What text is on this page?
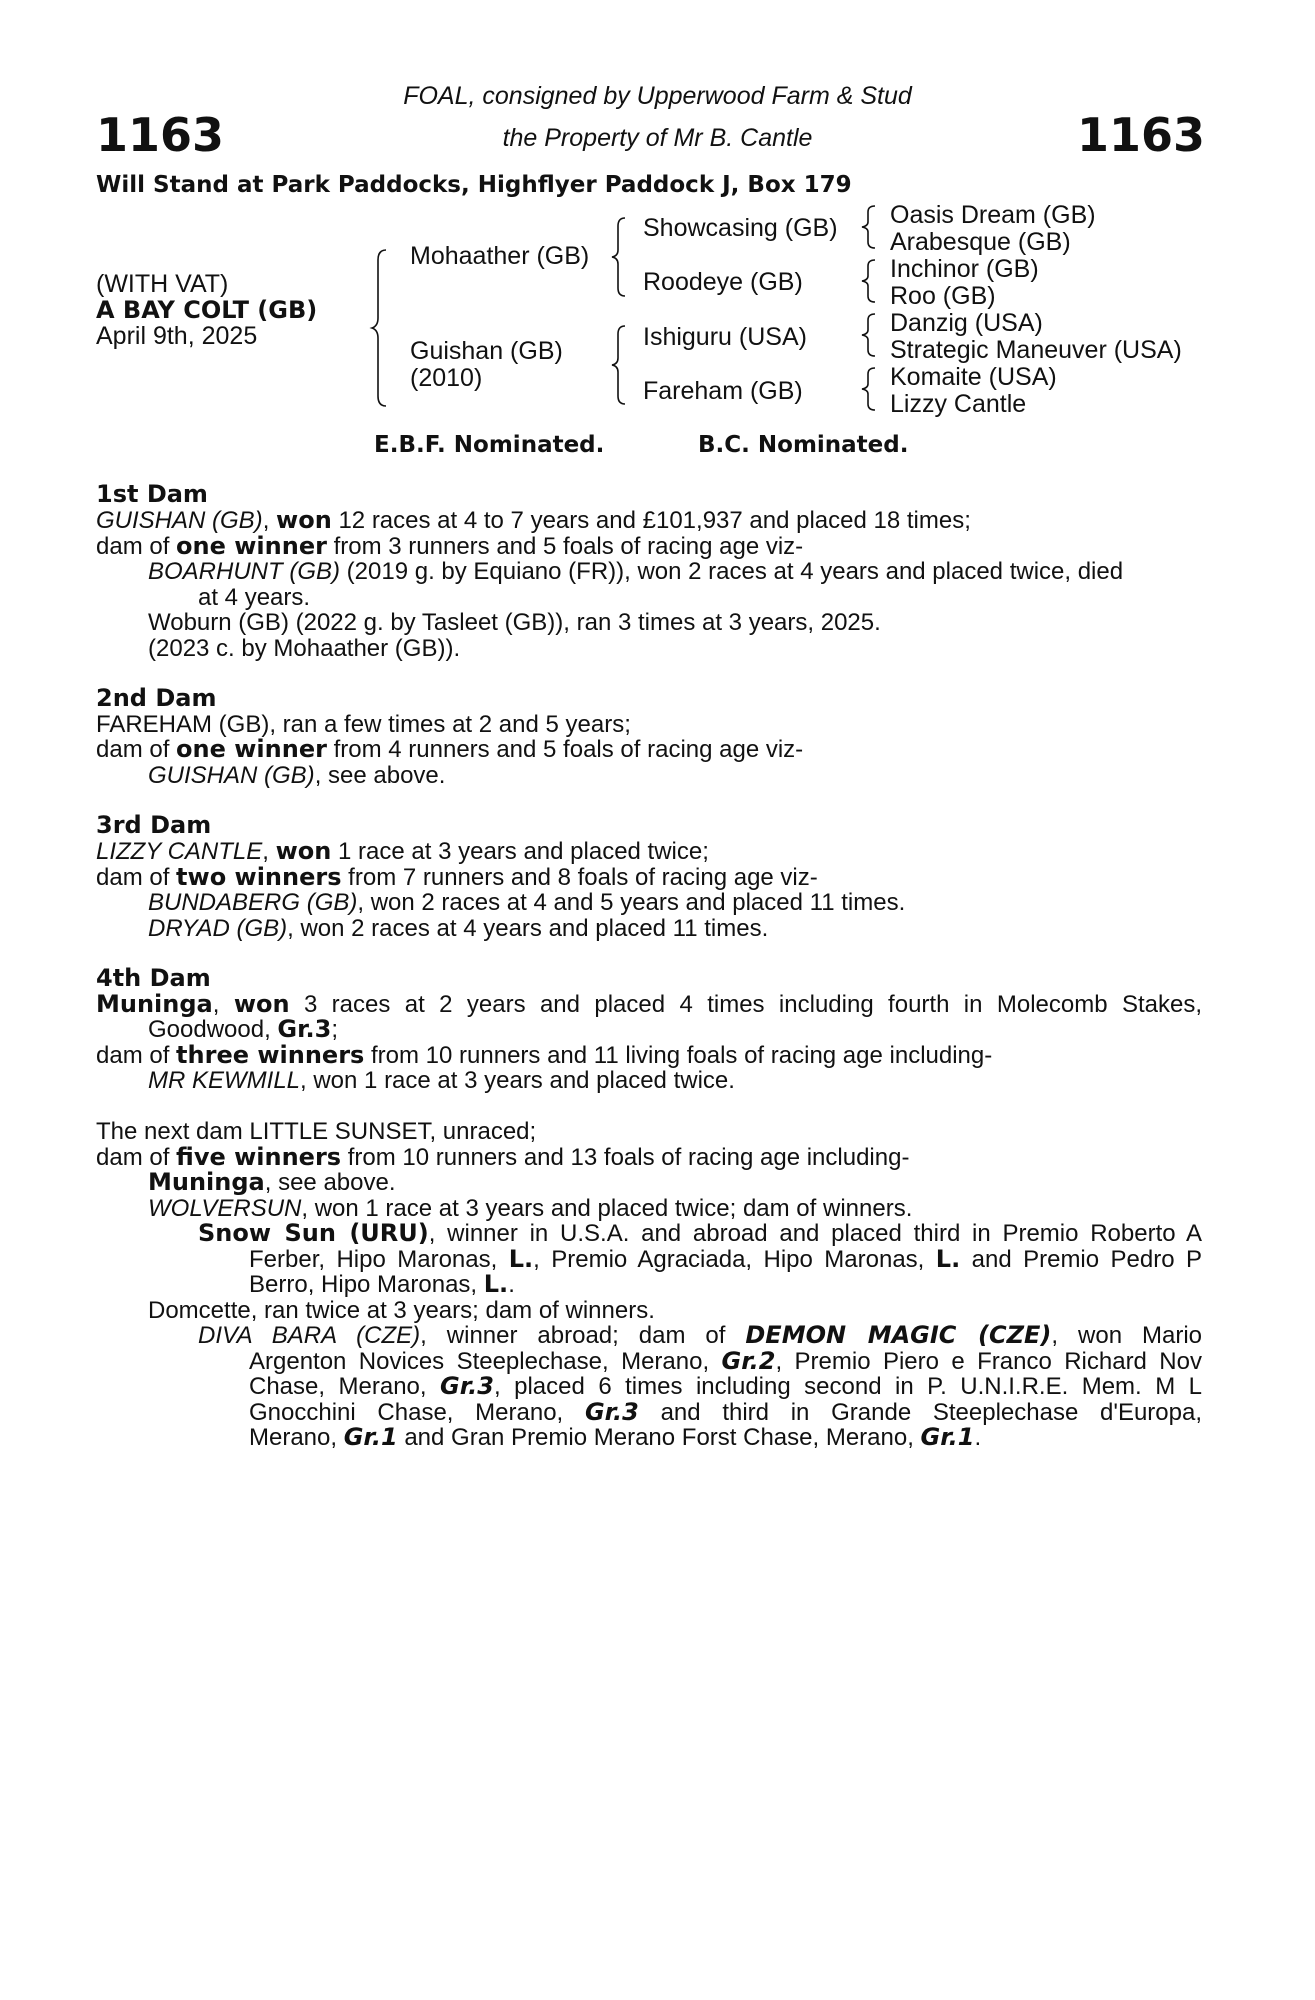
1163	1163
FOAL, consigned by Upperwood Farm & Stud
the Property of Mr B. Cantle
Will Stand at Park Paddocks, Highflyer Paddock J, Box 179
(WITH VAT)
A BAY COLT (GB)
April 9th, 2025
Mohaather (GB)
Guishan (GB)
(2010)
Showcasing (GB)
Roodeye (GB)
Ishiguru (USA)
Fareham (GB)
Oasis Dream (GB)
Arabesque (GB)
Inchinor (GB)
Roo (GB)
Danzig (USA)
Strategic Maneuver (USA)
Komaite (USA)
Lizzy Cantle
E.B.F. Nominated.	B.C. Nominated.
1st Dam
GUISHAN (GB), won 12 races at 4 to 7 years and £101,937 and placed 18 times;
dam of one winner from 3 runners and 5 foals of racing age viz-
BOARHUNT (GB) (2019 g. by Equiano (FR)), won 2 races at 4 years and placed twice, died
at 4 years.
Woburn (GB) (2022 g. by Tasleet (GB)), ran 3 times at 3 years, 2025.
(2023 c. by Mohaather (GB)).
2nd Dam
FAREHAM (GB), ran a few times at 2 and 5 years;
dam of one winner from 4 runners and 5 foals of racing age viz-
GUISHAN (GB), see above.
3rd Dam
LIZZY CANTLE, won 1 race at 3 years and placed twice;
dam of two winners from 7 runners and 8 foals of racing age viz-
BUNDABERG (GB), won 2 races at 4 and 5 years and placed 11 times.
DRYAD (GB), won 2 races at 4 years and placed 11 times.
4th Dam
Muninga, won 3 races at 2 years and placed 4 times including fourth in Molecomb Stakes,
Goodwood, Gr.3;
dam of three winners from 10 runners and 11 living foals of racing age including-
MR KEWMILL, won 1 race at 3 years and placed twice.
The next dam LITTLE SUNSET, unraced;
dam of five winners from 10 runners and 13 foals of racing age including-
Muninga, see above.
WOLVERSUN, won 1 race at 3 years and placed twice; dam of winners.
Snow Sun (URU), winner in U.S.A. and abroad and placed third in Premio Roberto A
Ferber, Hipo Maronas, L., Premio Agraciada, Hipo Maronas, L. and Premio Pedro P
Berro, Hipo Maronas, L..
Domcette, ran twice at 3 years; dam of winners.
DIVA BARA (CZE), winner abroad; dam of DEMON MAGIC (CZE), won Mario
Argenton Novices Steeplechase, Merano, Gr.2, Premio Piero e Franco Richard Nov
Chase, Merano, Gr.3, placed 6 times including second in P. U.N.I.R.E. Mem. M L
Gnocchini Chase, Merano, Gr.3 and third in Grande Steeplechase d'Europa,
Merano, Gr.1 and Gran Premio Merano Forst Chase, Merano, Gr.1.
